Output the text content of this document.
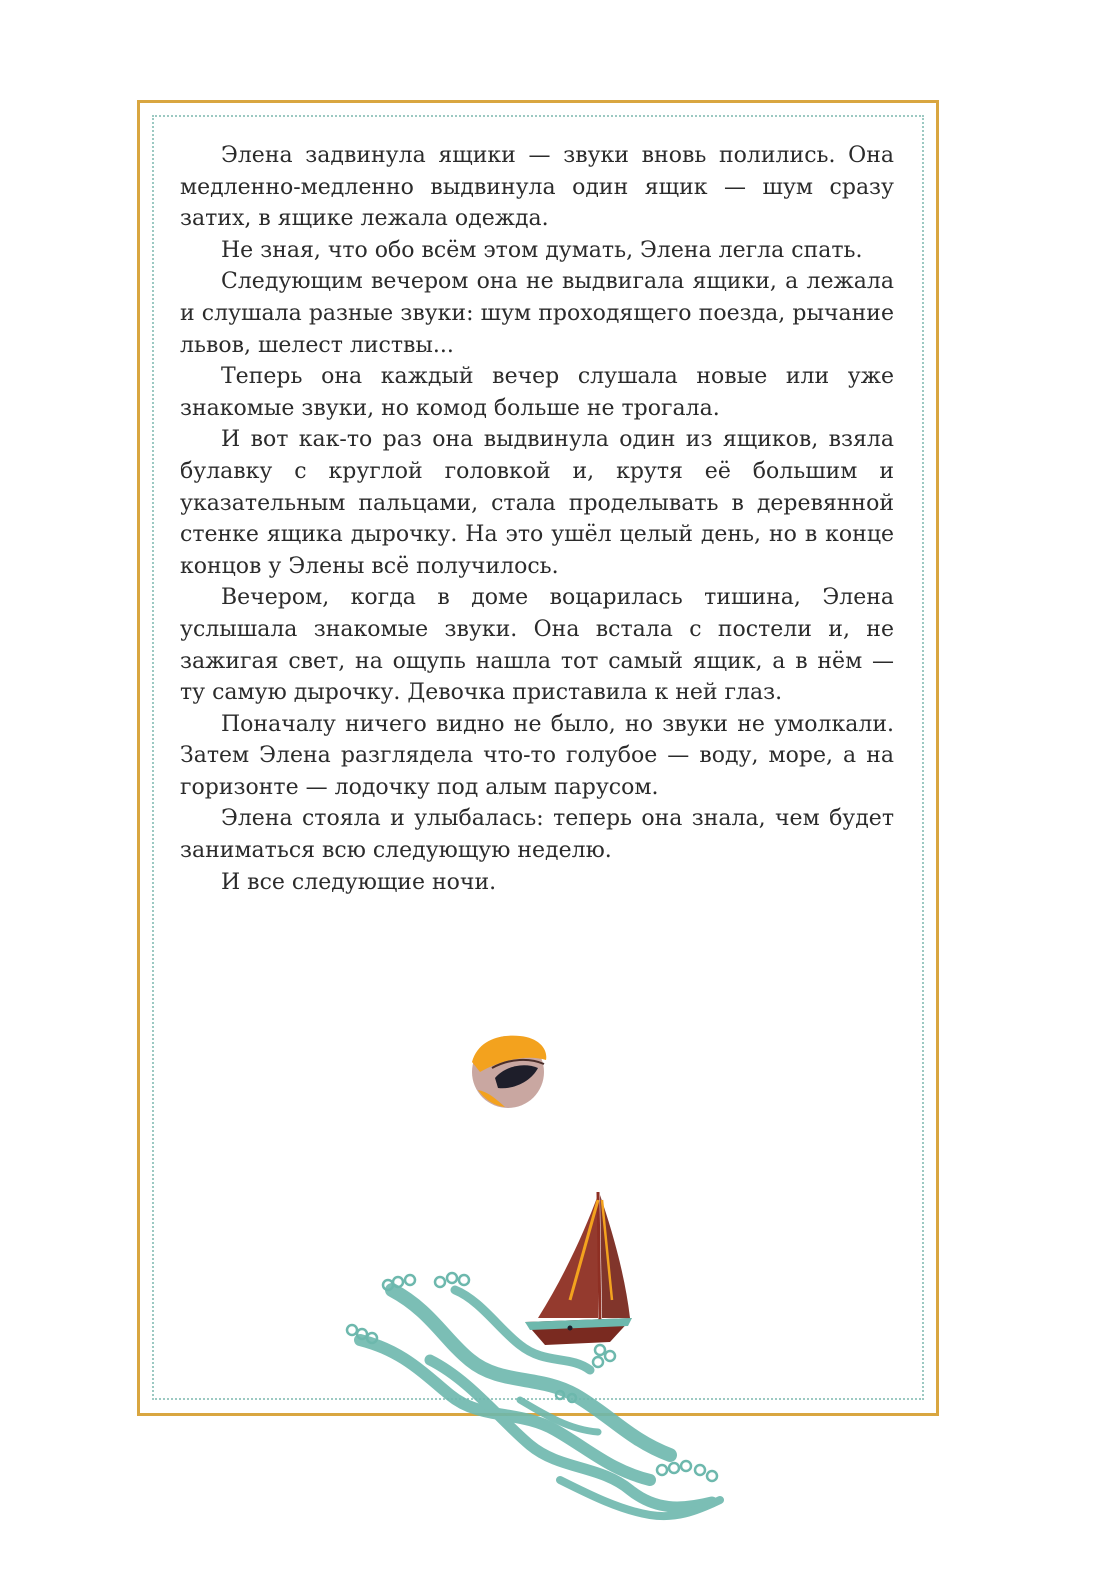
Элена задвинула ящики — звуки вновь полились. Она медленно-медленно выдвинула один ящик — шум сразу затих, в ящике лежала одежда.

Не зная, что обо всём этом думать, Элена легла спать.

Следующим вечером она не выдвигала ящики, а лежала и слушала разные звуки: шум проходящего поезда, рычание львов, шелест листвы...

Теперь она каждый вечер слушала новые или уже знакомые звуки, но комод больше не трогала.

И вот как-то раз она выдвинула один из ящиков, взяла булавку с круглой головкой и, крутя её большим и указательным пальцами, стала проделывать в деревянной стенке ящика дырочку. На это ушёл целый день, но в конце концов у Элены всё получилось.

Вечером, когда в доме воцарилась тишина, Элена услышала знакомые звуки. Она встала с постели и, не зажигая свет, на ощупь нашла тот самый ящик, а в нём — ту самую дырочку. Девочка приставила к ней глаз.

Поначалу ничего видно не было, но звуки не умолкали. Затем Элена разглядела что-то голубое — воду, море, а на горизонте — лодочку под алым парусом.

Элена стояла и улыбалась: теперь она знала, чем будет заниматься всю следующую неделю.

И все следующие ночи.
